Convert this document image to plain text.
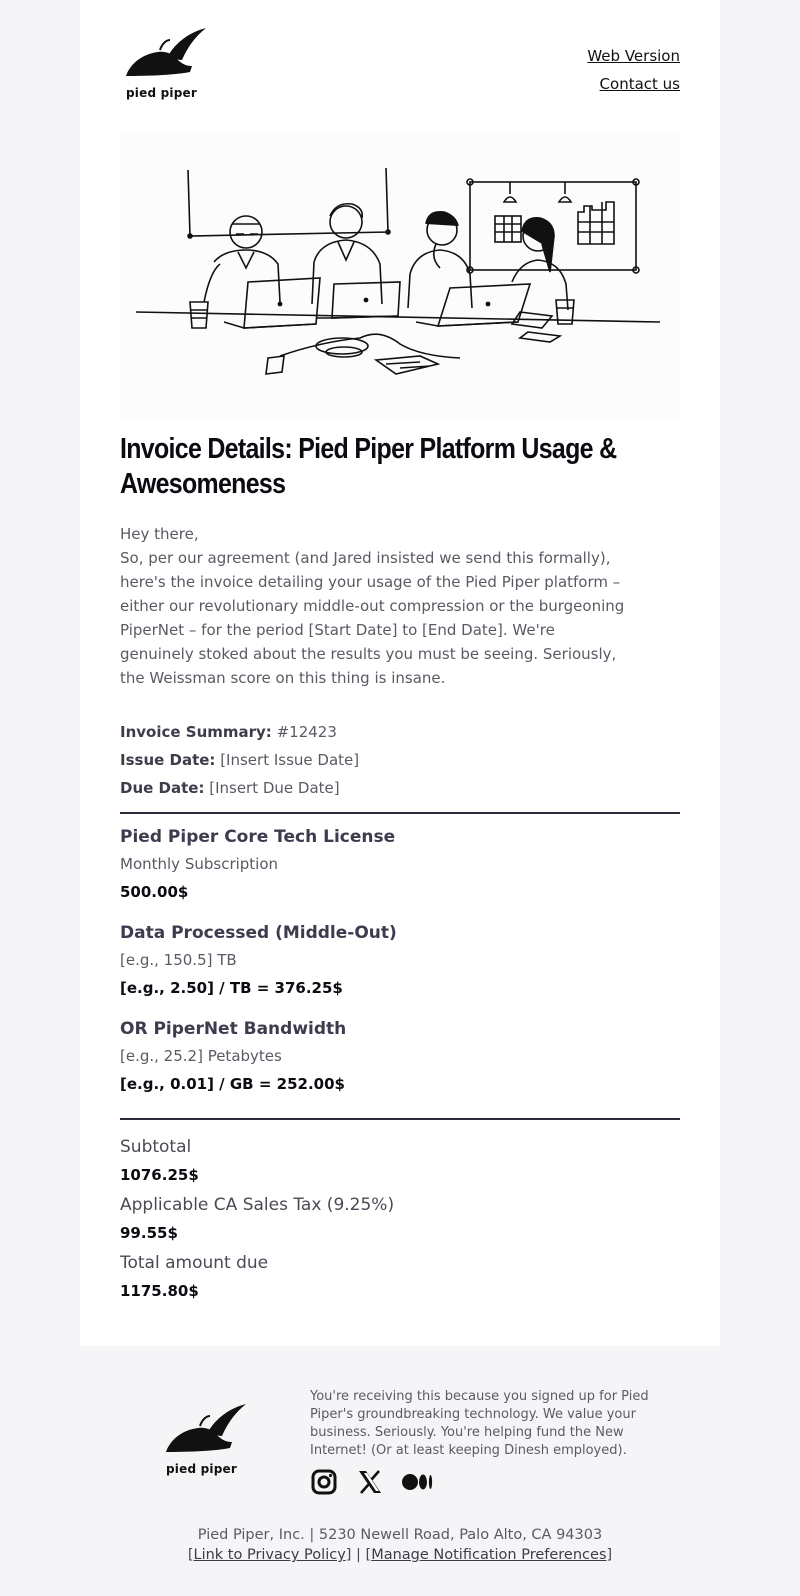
pied piper
Web Version
Contact us
Invoice Details: Pied Piper Platform Usage & Awesomeness
Hey there,
So, per our agreement (and Jared insisted we send this formally), here's the invoice detailing your usage of the Pied Piper platform – either our revolutionary middle-out compression or the burgeoning PiperNet – for the period [Start Date] to [End Date]. We're genuinely stoked about the results you must be seeing. Seriously, the Weissman score on this thing is insane.
Invoice Summary: #12423
Issue Date: [Insert Issue Date]
Due Date: [Insert Due Date]
Pied Piper Core Tech License
Monthly Subscription
500.00$
Data Processed (Middle-Out)
[e.g., 150.5] TB
[e.g., 2.50] / TB = 376.25$
OR PiperNet Bandwidth
[e.g., 25.2] Petabytes
[e.g., 0.01] / GB = 252.00$
Subtotal
1076.25$
Applicable CA Sales Tax (9.25%)
99.55$
Total amount due
1175.80$
pied piper
You're receiving this because you signed up for Pied Piper's groundbreaking technology. We value your business. Seriously. You're helping fund the New Internet! (Or at least keeping Dinesh employed).
Pied Piper, Inc. | 5230 Newell Road, Palo Alto, CA 94303
[Link to Privacy Policy] | [Manage Notification Preferences]
